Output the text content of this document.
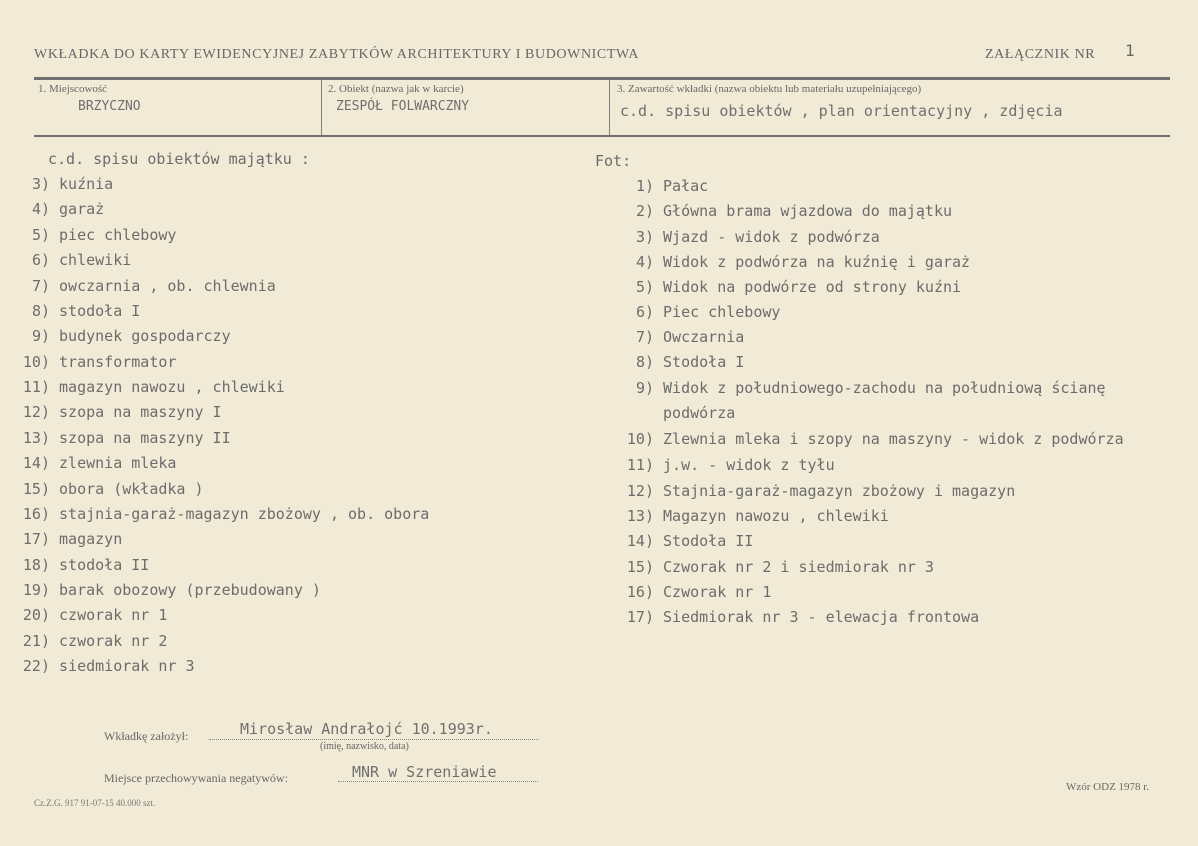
WKŁADKA DO KARTY EWIDENCYJNEJ ZABYTKÓW ARCHITEKTURY I BUDOWNICTWA	ZAŁĄCZNIK NR 1
1. Miejscowość
BRZYCZNO
2. Obiekt (nazwa jak w karcie)
ZESPÓŁ FOLWARCZNY
3. Zawartość wkładki (nazwa obiektu lub materiału uzupełniającego)
c.d. spisu obiektów , plan orientacyjny , zdjęcia
c.d. spisu obiektów majątku :
3) kuźnia
4) garaż
5) piec chlebowy
6) chlewiki
7) owczarnia , ob. chlewnia
8) stodoła I
9) budynek gospodarczy
10) transformator
11) magazyn nawozu , chlewiki
12) szopa na maszyny I
13) szopa na maszyny II
14) zlewnia mleka
15) obora (wkładka )
16) stajnia-garaż-magazyn zbożowy , ob. obora
17) magazyn
18) stodoła II
19) barak obozowy (przebudowany )
20) czworak nr 1
21) czworak nr 2
22) siedmiorak nr 3
Fot:
1) Pałac
2) Główna brama wjazdowa do majątku
3) Wjazd - widok z podwórza
4) Widok z podwórza na kuźnię i garaż
5) Widok na podwórze od strony kuźni
6) Piec chlebowy
7) Owczarnia
8) Stodoła I
9) Widok z południowego-zachodu na południową ścianę
podwórza
10) Zlewnia mleka i szopy na maszyny - widok z podwórza
11) j.w. - widok z tyłu
12) Stajnia-garaż-magazyn zbożowy i magazyn
13) Magazyn nawozu , chlewiki
14) Stodoła II
15) Czworak nr 2 i siedmiorak nr 3
16) Czworak nr 1
17) Siedmiorak nr 3 - elewacja frontowa
Wkładkę założył:	Mirosław Andrałojć 10.1993r.
(imię, nazwisko, data)
Miejsce przechowywania negatywów:	MNR w Szreniawie
Cz.Z.G. 917 91-07-15 40.000 szt.
Wzór ODZ 1978 r.
